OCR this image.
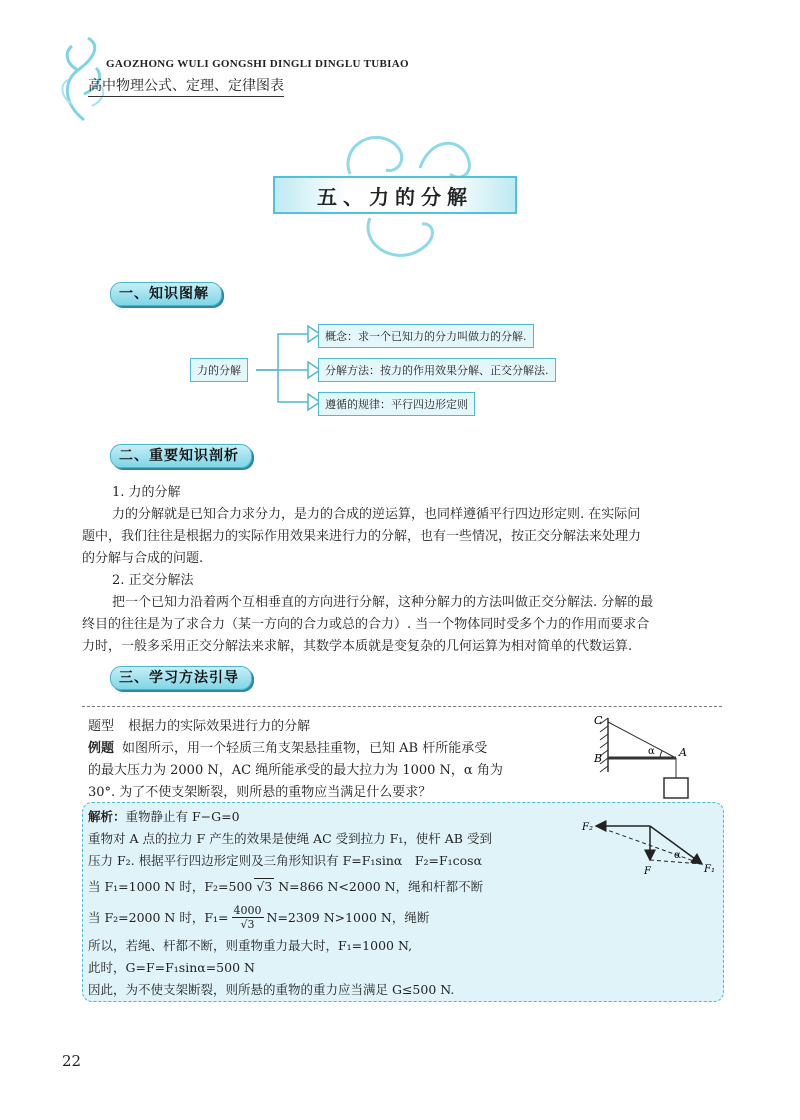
GAOZHONG WULI GONGSHI DINGLI DINGLU TUBIAO
高中物理公式、定理、定律图表
五、力的分解
一、知识图解
力的分解
概念：求一个已知力的分力叫做力的分解.
分解方法：按力的作用效果分解、正交分解法.
遵循的规律：平行四边形定则
二、重要知识剖析
1. 力的分解
力的分解就是已知合力求分力，是力的合成的逆运算，也同样遵循平行四边形定则. 在实际问
题中，我们往往是根据力的实际作用效果来进行力的分解，也有一些情况，按正交分解法来处理力
的分解与合成的问题.
2. 正交分解法
把一个已知力沿着两个互相垂直的方向进行分解，这种分解力的方法叫做正交分解法. 分解的最
终目的往往是为了求合力（某一方向的合力或总的合力）. 当一个物体同时受多个力的作用而要求合
力时，一般多采用正交分解法来求解，其数学本质就是变复杂的几何运算为相对简单的代数运算.
三、学习方法引导
题型 根据力的实际效果进行力的分解
例题 如图所示，用一个轻质三角支架悬挂重物，已知 AB 杆所能承受
的最大压力为 2000 N，AC 绳所能承受的最大拉力为 1000 N，α 角为
30°. 为了不使支架断裂，则所悬的重物应当满足什么要求？
C
B	A
α
解析：重物静止有 F−G=0
重物对 A 点的拉力 F 产生的效果是使绳 AC 受到拉力 F₁，使杆 AB 受到
压力 F₂. 根据平行四边形定则及三角形知识有 F=F₁sinα　F₂=F₁cosα
当 F₁=1000 N 时，F₂=500 √3 N=866 N<2000 N，绳和杆都不断
当 F₂=2000 N 时，$F_1= \frac{4000}{√3} N=2309$ N>1000 N，绳断
所以，若绳、杆都不断，则重物重力最大时，F₁=1000 N,
此时，G=F=F₁sinα=500 N
因此，为不使支架断裂，则所悬的重物的重力应当满足 G≤500 N.
F₂
F	F₁
α
22
